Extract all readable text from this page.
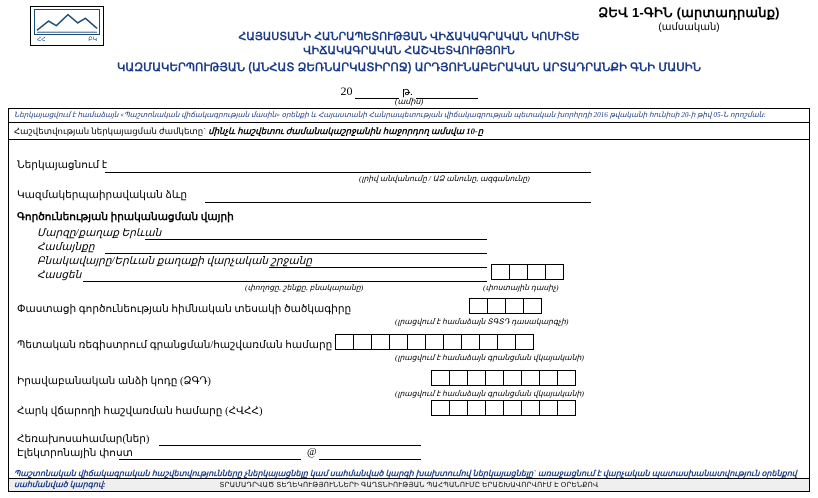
ՀՀ	ԲԿ
ՁԵՎ 1-ԳԻՆ (արտադրանք)
(ամսական)
ՀԱՅԱՍՏԱՆԻ ՀԱՆՐԱՊԵՏՈՒԹՅԱՆ ՎԻՃԱԿԱԳՐԱԿԱՆ ԿՈՄԻՏԵ
ՎԻՃԱԿԱԳՐԱԿԱՆ ՀԱՇՎԵՏՎՈՒԹՅՈՒՆ
ԿԱԶՄԱԿԵՐՊՈՒԹՅԱՆ (ԱՆՀԱՏ ՁԵՌՆԱՐԿԱՏԻՐՈՋ) ԱՐԴՅՈՒՆԱԲԵՐԱԿԱՆ ԱՐՏԱԴՐԱՆՔԻ ԳՆԻ ՄԱՍԻՆ
20	թ.
(ամիս)
Ներկայացվում է համաձայն «Պաշտոնական վիճակագրության մասին» օրենքի և Հայաստանի Հանրապետության վիճակագրության պետական խորհրդի 2016 թվականի հունիսի 20-ի թիվ 05-Ն որոշման:
Հաշվետվության ներկայացման ժամկետը` մինչև հաշվետու ժամանակաշրջանին հաջորդող ամսվա 10-ը
Ներկայացնում է
(լրիվ անվանումը / ԱՁ անունը, ազգանունը)
Կազմակերպաիրավական ձևը
Գործունեության իրականացման վայրի
Մարզը/քաղաք Երևան
Համայնքը
Բնակավայրը/Երևան քաղաքի վարչական շրջանը
Հասցեն
(փողոցը, շենքը, բնակարանը)	(փոստային դասիչ)
Փաստացի գործունեության հիմնական տեսակի ծածկագիրը
(լրացվում է համաձայն ՏԳՏԴ դասակարգչի)
Պետական ռեգիստրում գրանցման/հաշվառման համարը
(լրացվում է համաձայն գրանցման վկայականի)
Իրավաբանական անձի կոդը (ՁԳԴ)
(լրացվում է համաձայն գրանցման վկայականի)
Հարկ վճարողի հաշվառման համարը (ՀՎՀՀ)
Հեռախոսահամար(ներ)
Էլեկտրոնային փոստ	@
ՏՐԱՄԱԴՐՎԱԾ ՏԵՂԵԿՈՒԹՅՈՒՆՆԵՐԻ ԳԱՂՏՆԻՈՒԹՅԱՆ ՊԱՀՊԱՆՈՒՄԸ ԵՐԱՇԽԱՎՈՐՎՈՒՄ Է ՕՐԵՆՔՈՎ
Պաշտոնական վիճակագրական հաշվետվությունները չներկայացնելը կամ սահմանված կարգի խախտումով ներկայացնելը` առաջացնում է վարչական պատասխանատվություն օրենքով սահմանված կարգով:
